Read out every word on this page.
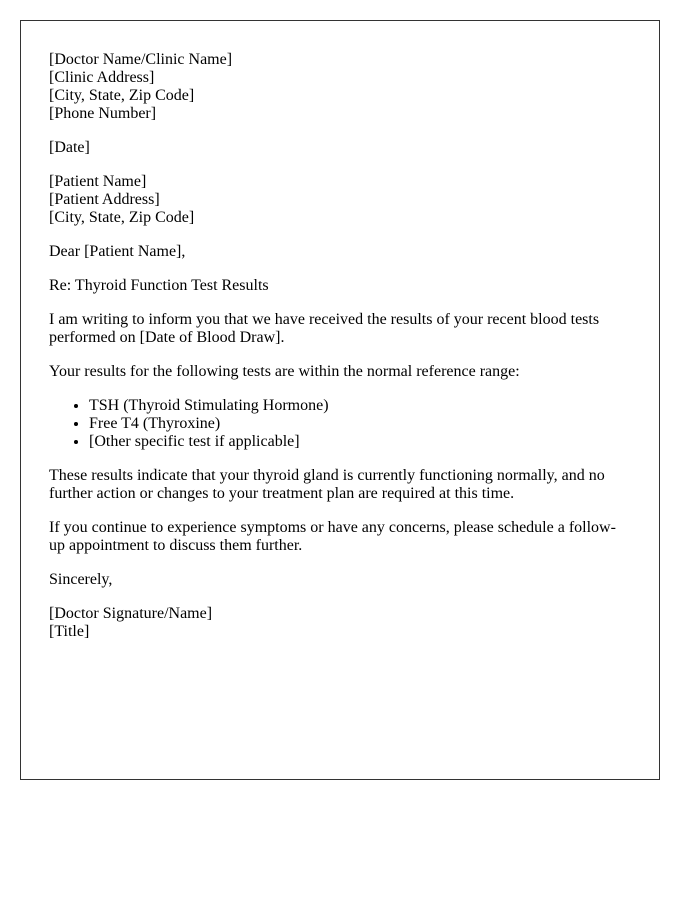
[Doctor Name/Clinic Name]

[Clinic Address]

[City, State, Zip Code]

[Phone Number]

[Date]

[Patient Name]

[Patient Address]

[City, State, Zip Code]

Dear [Patient Name],

Re: Thyroid Function Test Results

I am writing to inform you that we have received the results of your recent blood tests performed on [Date of Blood Draw].

Your results for the following tests are within the normal reference range:

• TSH (Thyroid Stimulating Hormone)
• Free T4 (Thyroxine)
• [Other specific test if applicable]

These results indicate that your thyroid gland is currently functioning normally, and no further action or changes to your treatment plan are required at this time.

If you continue to experience symptoms or have any concerns, please schedule a follow-up appointment to discuss them further.

Sincerely,

[Doctor Signature/Name]

[Title]
